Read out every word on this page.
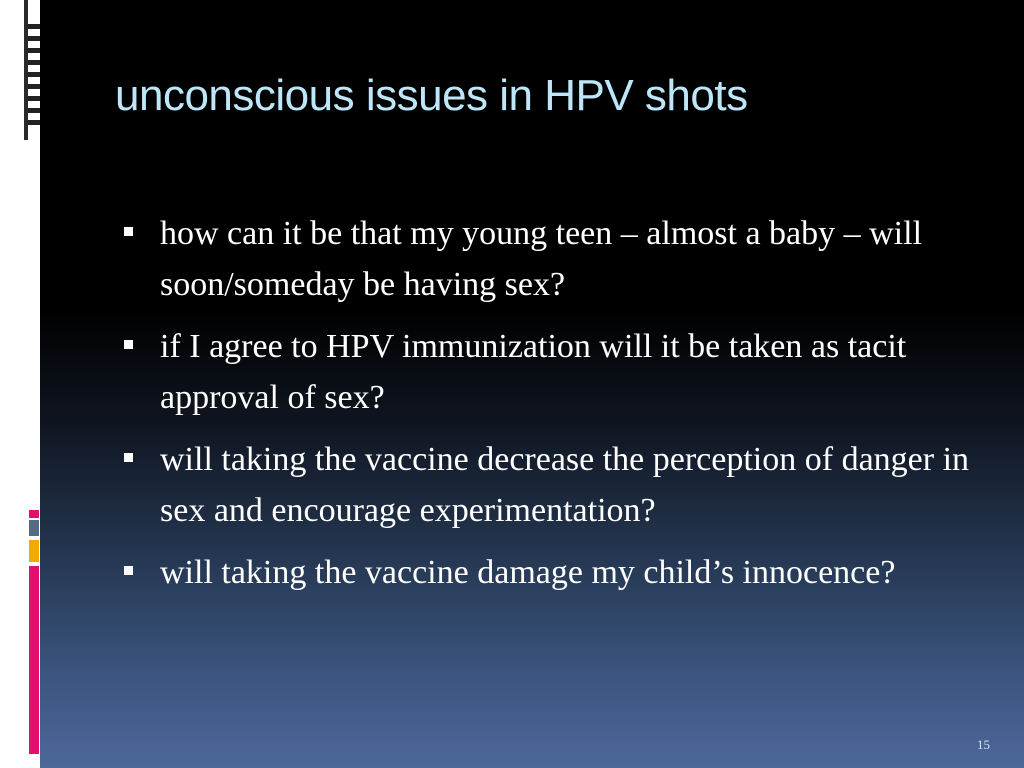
unconscious issues in HPV shots
how can it be that my young teen – almost a baby – will soon/someday be having sex?
if I agree to HPV immunization will it be taken as tacit approval of sex?
will taking the vaccine decrease the perception of danger in sex and encourage experimentation?
will taking the vaccine damage my child’s innocence?
15
